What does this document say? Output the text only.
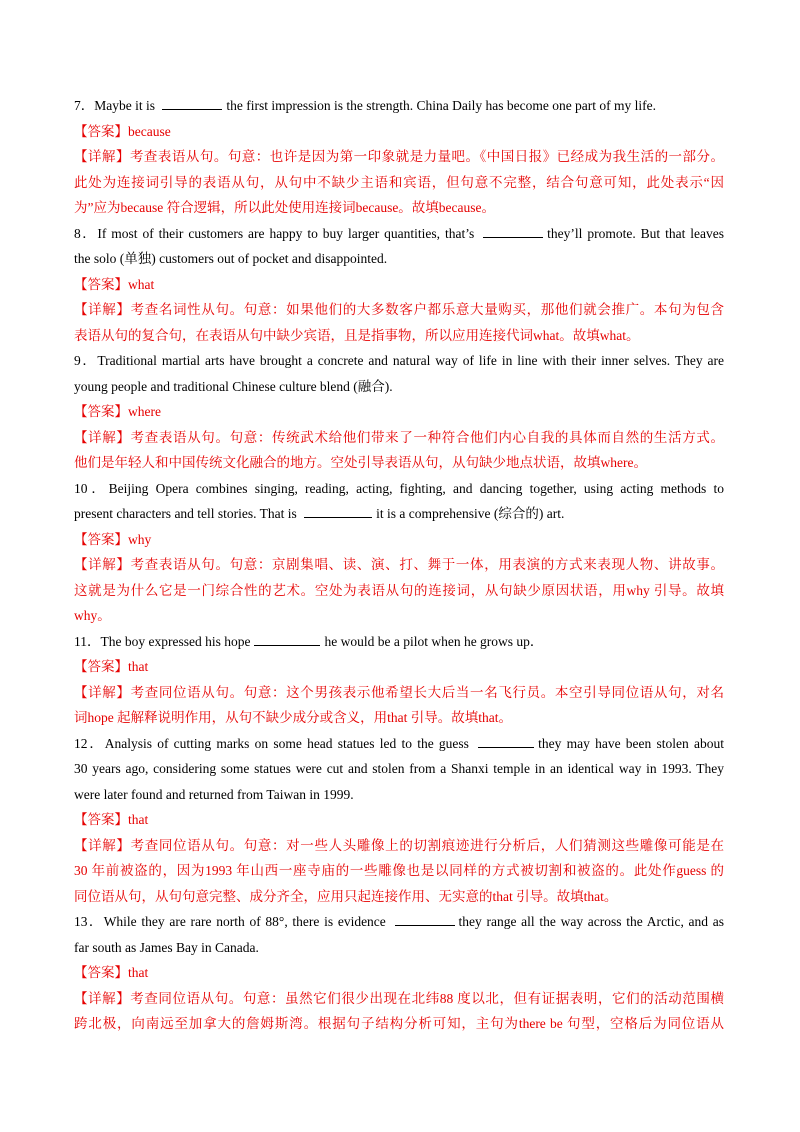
7．Maybe it is	the first impression is the strength. China Daily has become one part of my life.
【答案】because
【详解】考查表语从句。句意：也许是因为第一印象就是力量吧。《中国日报》已经成为我生活的一部分。
此处为连接词引导的表语从句，从句中不缺少主语和宾语，但句意不完整，结合句意可知，此处表示“因
为”应为because 符合逻辑，所以此处使用连接词because。故填because。
8．If most of their customers are happy to buy larger quantities, that’s	they’ll promote. But that leaves
the solo (单独) customers out of pocket and disappointed.
【答案】what
【详解】考查名词性从句。句意：如果他们的大多数客户都乐意大量购买，那他们就会推广。本句为包含
表语从句的复合句，在表语从句中缺少宾语，且是指事物，所以应用连接代词what。故填what。
9．Traditional martial arts have brought a concrete and natural way of life in line with their inner selves. They are
young people and traditional Chinese culture blend (融合).
【答案】where
【详解】考查表语从句。句意：传统武术给他们带来了一种符合他们内心自我的具体而自然的生活方式。
他们是年轻人和中国传统文化融合的地方。空处引导表语从句，从句缺少地点状语，故填where。
10．Beijing Opera combines singing, reading, acting, fighting, and dancing together, using acting methods to
present characters and tell stories. That is	it is a comprehensive (综合的) art.
【答案】why
【详解】考查表语从句。句意：京剧集唱、读、演、打、舞于一体，用表演的方式来表现人物、讲故事。
这就是为什么它是一门综合性的艺术。空处为表语从句的连接词，从句缺少原因状语，用why 引导。故填
why。
11．The boy expressed his hope	he would be a pilot when he grows up．
【答案】that
【详解】考查同位语从句。句意：这个男孩表示他希望长大后当一名飞行员。本空引导同位语从句，对名
词hope 起解释说明作用，从句不缺少成分或含义，用that 引导。故填that。
12．Analysis of cutting marks on some head statues led to the guess	they may have been stolen about
30 years ago, considering some statues were cut and stolen from a Shanxi temple in an identical way in 1993. They
were later found and returned from Taiwan in 1999.
【答案】that
【详解】考查同位语从句。句意：对一些人头雕像上的切割痕迹进行分析后，人们猜测这些雕像可能是在
30 年前被盗的，因为1993 年山西一座寺庙的一些雕像也是以同样的方式被切割和被盗的。此处作guess 的
同位语从句，从句句意完整、成分齐全，应用只起连接作用、无实意的that 引导。故填that。
13．While they are rare north of 88°, there is evidence	they range all the way across the Arctic, and as
far south as James Bay in Canada.
【答案】that
【详解】考查同位语从句。句意：虽然它们很少出现在北纬88 度以北，但有证据表明，它们的活动范围横
跨北极，向南远至加拿大的詹姆斯湾。根据句子结构分析可知，主句为there be 句型，空格后为同位语从
